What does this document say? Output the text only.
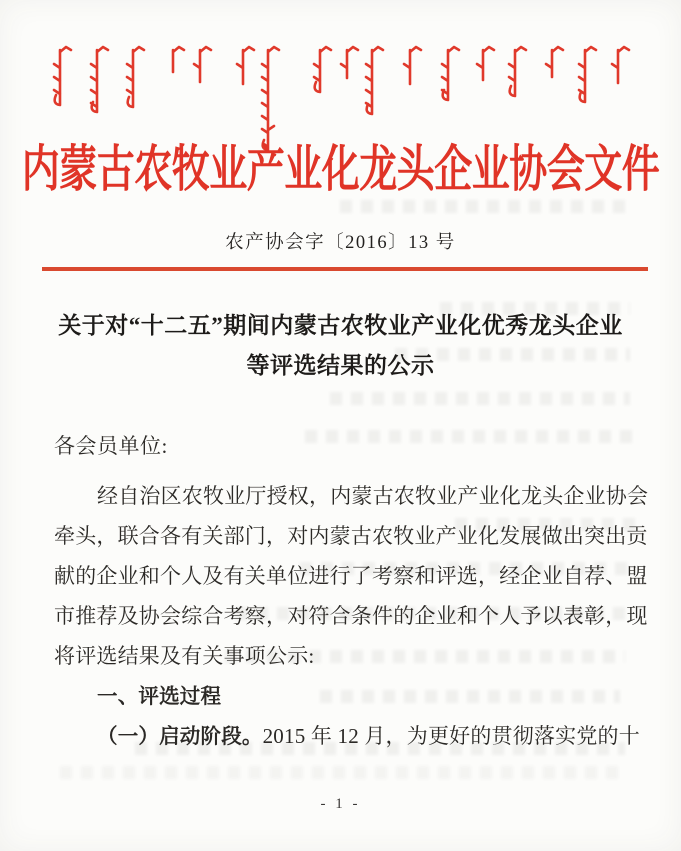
内蒙古农牧业产业化龙头企业协会文件
农产协会字〔2016〕13 号
关于对“十二五”期间内蒙古农牧业产业化优秀龙头企业
等评选结果的公示
各会员单位:
经自治区农牧业厅授权，内蒙古农牧业产业化龙头企业协会
牵头，联合各有关部门，对内蒙古农牧业产业化发展做出突出贡
献的企业和个人及有关单位进行了考察和评选，经企业自荐、盟
市推荐及协会综合考察，对符合条件的企业和个人予以表彰，现
将评选结果及有关事项公示:
一、评选过程
（一）启动阶段。2015 年 12 月，为更好的贯彻落实党的十
- 1 -
